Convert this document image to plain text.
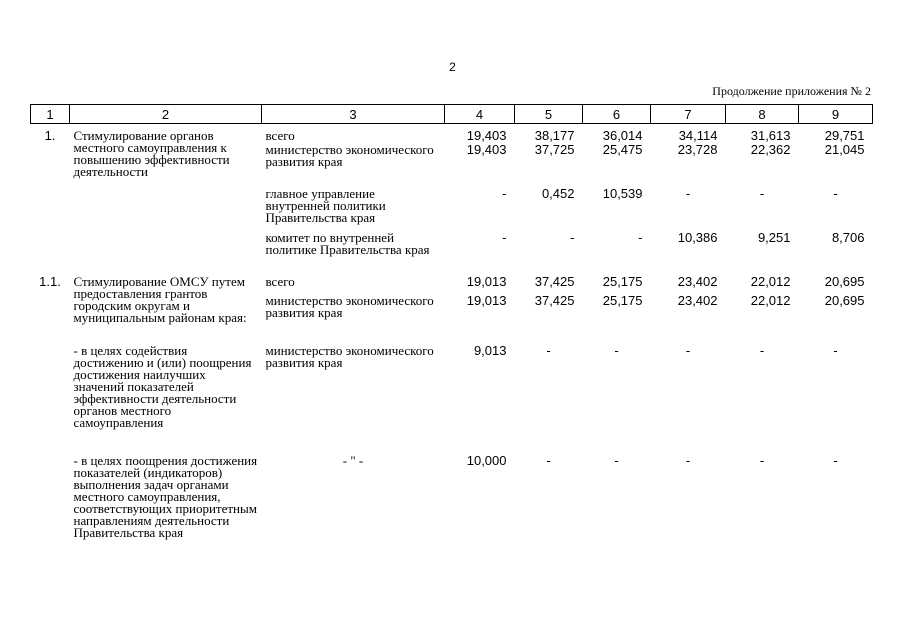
2
Продолжение приложения № 2
1	2	3	4	5	6	7	8	9
1.	Стимулирование органов местного самоуправления к повышению эффективности деятельности	всего	19,403	38,177	36,014	34,114	31,613	29,751
		министерство экономического развития края	19,403	37,725	25,475	23,728	22,362	21,045
		главное управление внутренней политики Правительства края	-	0,452	10,539	-	-	-
		комитет по внутренней политике Правительства края	-	-	-	10,386	9,251	8,706
1.1.	Стимулирование ОМСУ путем предоставления грантов городским округам и муниципальным районам края:	всего	19,013	37,425	25,175	23,402	22,012	20,695
		министерство экономического развития края	19,013	37,425	25,175	23,402	22,012	20,695
	- в целях содействия достижению и (или) поощрения достижения наилучших значений показателей эффективности деятельности органов местного самоуправления	министерство экономического развития края	9,013	-	-	-	-	-
	- в целях поощрения достижения показателей (индикаторов) выполнения задач органами местного самоуправления, соответствующих приоритетным направлениям деятельности Правительства края	- " -	10,000	-	-	-	-	-
